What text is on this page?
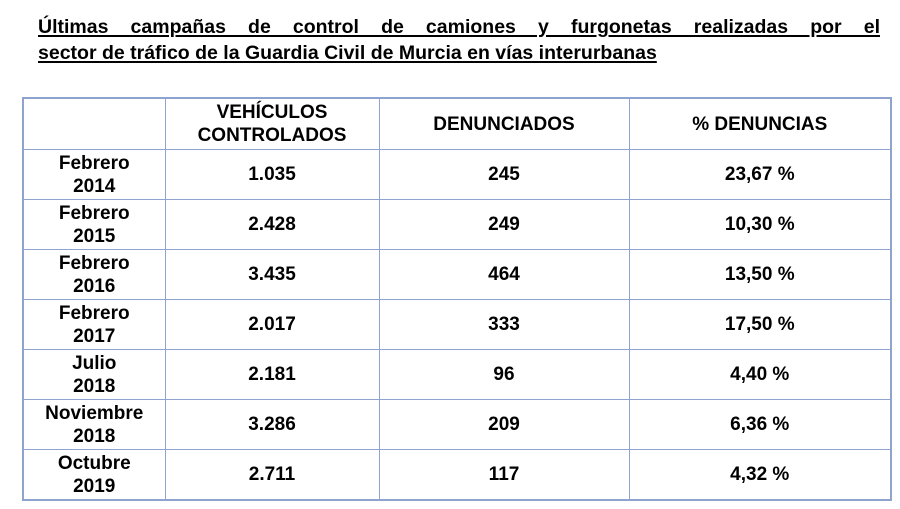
Últimas campañas de control de camiones y furgonetas realizadas por el
sector de tráfico de la Guardia Civil de Murcia en vías interurbanas

	VEHÍCULOS
CONTROLADOS	DENUNCIADOS	% DENUNCIAS

Febrero
2014	1.035	245	23,67 %

Febrero
2015	2.428	249	10,30 %

Febrero
2016	3.435	464	13,50 %

Febrero
2017	2.017	333	17,50 %

Julio
2018	2.181	96	4,40 %

Noviembre
2018	3.286	209	6,36 %

Octubre
2019	2.711	117	4,32 %
